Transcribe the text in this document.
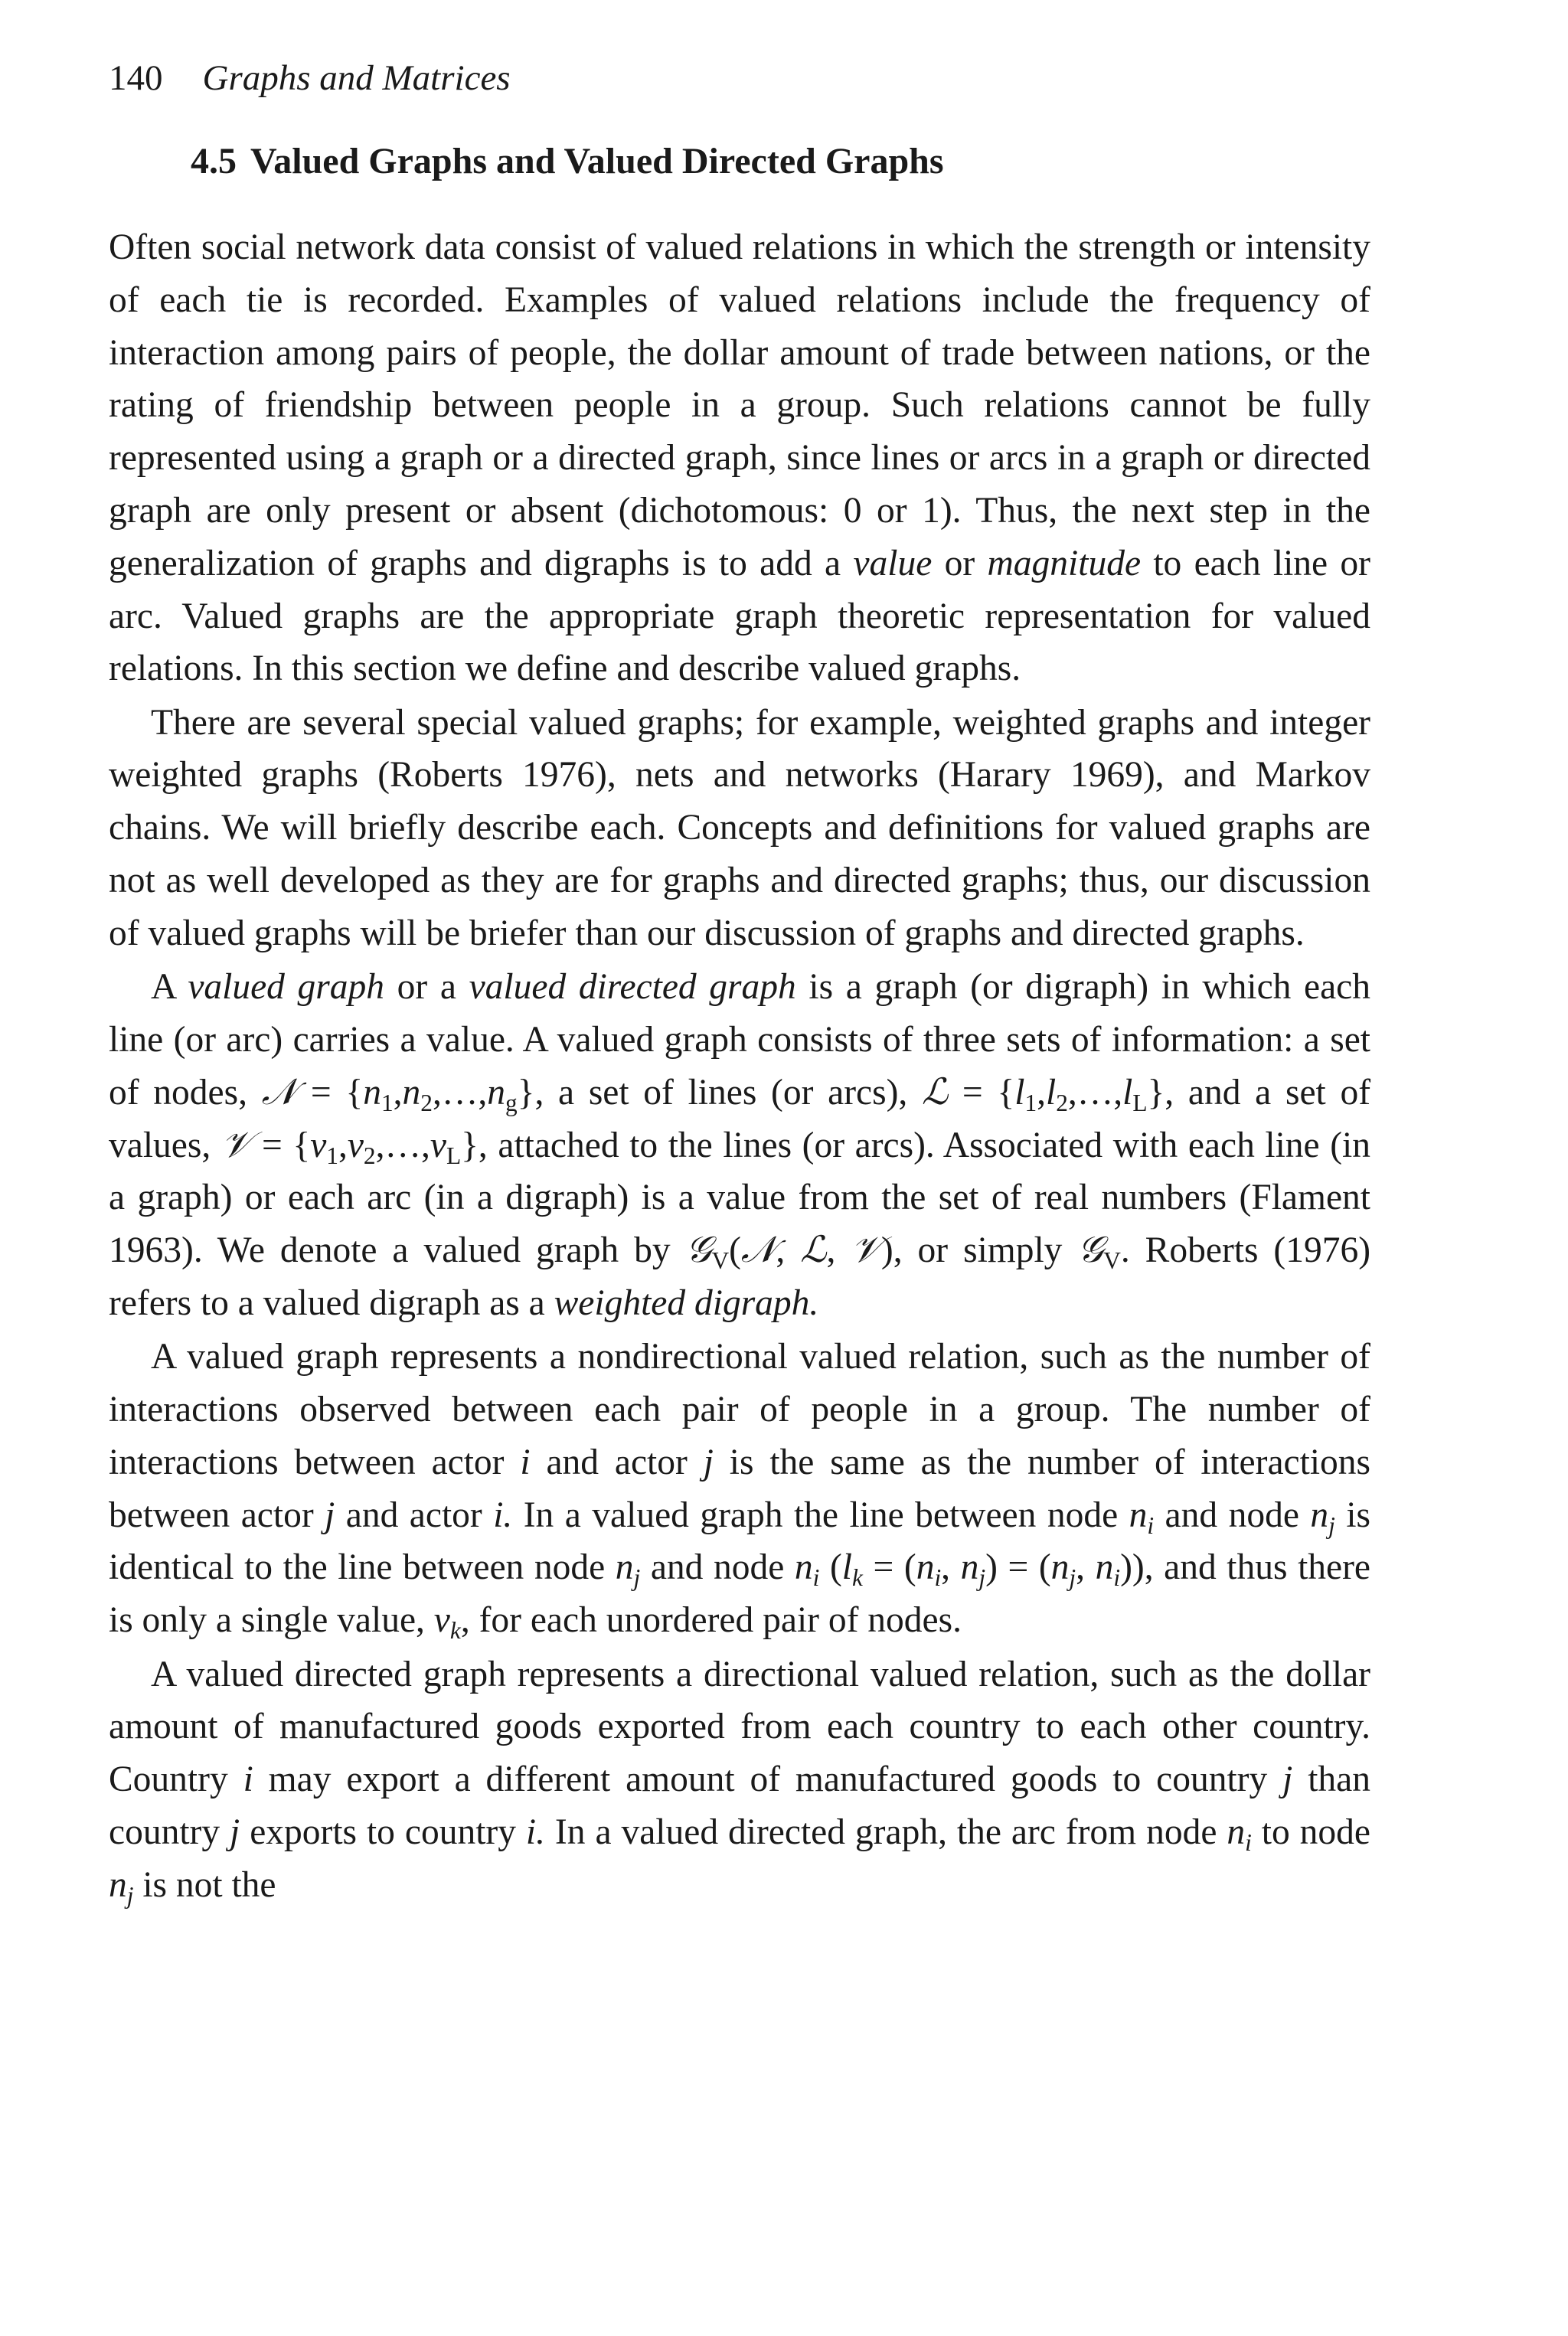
140 Graphs and Matrices
4.5 Valued Graphs and Valued Directed Graphs

Often social network data consist of valued relations in which the strength or intensity of each tie is recorded. Examples of valued relations include the frequency of interaction among pairs of people, the dollar amount of trade between nations, or the rating of friendship between people in a group. Such relations cannot be fully represented using a graph or a directed graph, since lines or arcs in a graph or directed graph are only present or absent (dichotomous: 0 or 1). Thus, the next step in the generalization of graphs and digraphs is to add a value or magnitude to each line or arc. Valued graphs are the appropriate graph theoretic representation for valued relations. In this section we define and describe valued graphs.

There are several special valued graphs; for example, weighted graphs and integer weighted graphs (Roberts 1976), nets and networks (Harary 1969), and Markov chains. We will briefly describe each. Concepts and definitions for valued graphs are not as well developed as they are for graphs and directed graphs; thus, our discussion of valued graphs will be briefer than our discussion of graphs and directed graphs.

A valued graph or a valued directed graph is a graph (or digraph) in which each line (or arc) carries a value. A valued graph consists of three sets of information: a set of nodes, 𝒩 = $\{n_1,n_2,\dots,n_g\}$, a set of lines (or arcs), ℒ = $\{l_1,l_2,\dots,l_L\}$, and a set of values, 𝒱 = $\{v_1,v_2,\dots,v_L\}$, attached to the lines (or arcs). Associated with each line (in a graph) or each arc (in a digraph) is a value from the set of real numbers (Flament 1963). We denote a valued graph by 𝒢$_V$(𝒩, ℒ, 𝒱), or simply 𝒢$_V$. Roberts (1976) refers to a valued digraph as a weighted digraph.

A valued graph represents a nondirectional valued relation, such as the number of interactions observed between each pair of people in a group. The number of interactions between actor i and actor j is the same as the number of interactions between actor j and actor i. In a valued graph the line between node $n_i$ and node $n_j$ is identical to the line between node $n_j$ and node $n_i$ ($l_k = (n_i$, $n_j) = (n_j$, $n_i$)), and thus there is only a single value, $v_k$, for each unordered pair of nodes.

A valued directed graph represents a directional valued relation, such as the dollar amount of manufactured goods exported from each country to each other country. Country i may export a different amount of manufactured goods to country j than country j exports to country i. In a valued directed graph, the arc from node $n_i$ to node $n_j$ is not the
